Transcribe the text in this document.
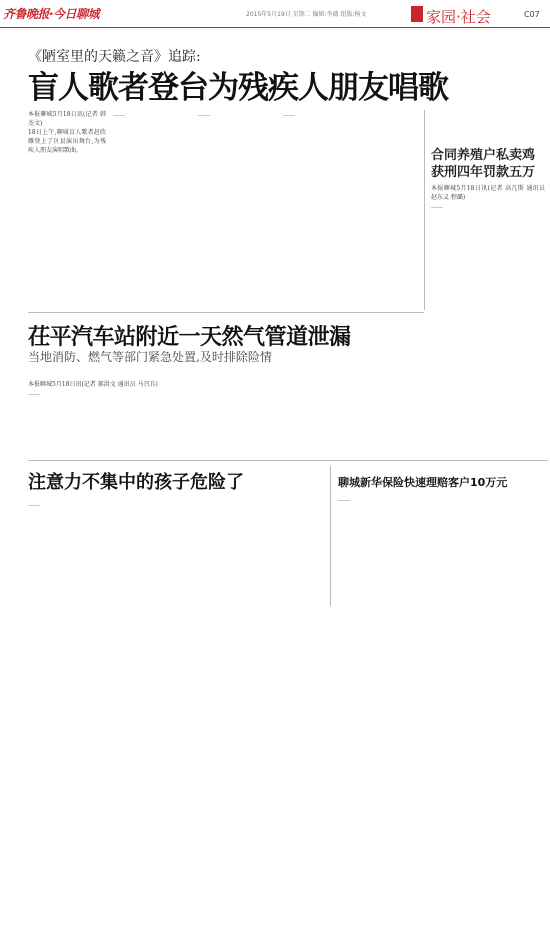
齐鲁晚报·今日聊城	2015年5月19日 星期二 编辑:李薇 组版:杨文	家园·社会	C07
《陋室里的天籁之音》追踪:
盲人歌者登台为残疾人朋友唱歌
本报聊城5月18日讯(记者 韩杰文)
18日上午,聊城盲人歌者赵欣雁登上了区县演出舞台,为残疾人朋友演唱歌曲。
……	……	……
合同养殖户私卖鸡获刑四年罚款五万
本报聊城5月18日讯(记者 高几斯 通讯员 赵东义 程璐)
……
茌平汽车站附近一天然气管道泄漏
当地消防、燃气等部门紧急处置,及时排除险情
本报聊城5月18日讯(记者 郝洪文 通讯员 马召兵)
……
注意力不集中的孩子危险了
……
聊城新华保险快速理赔客户10万元
……
